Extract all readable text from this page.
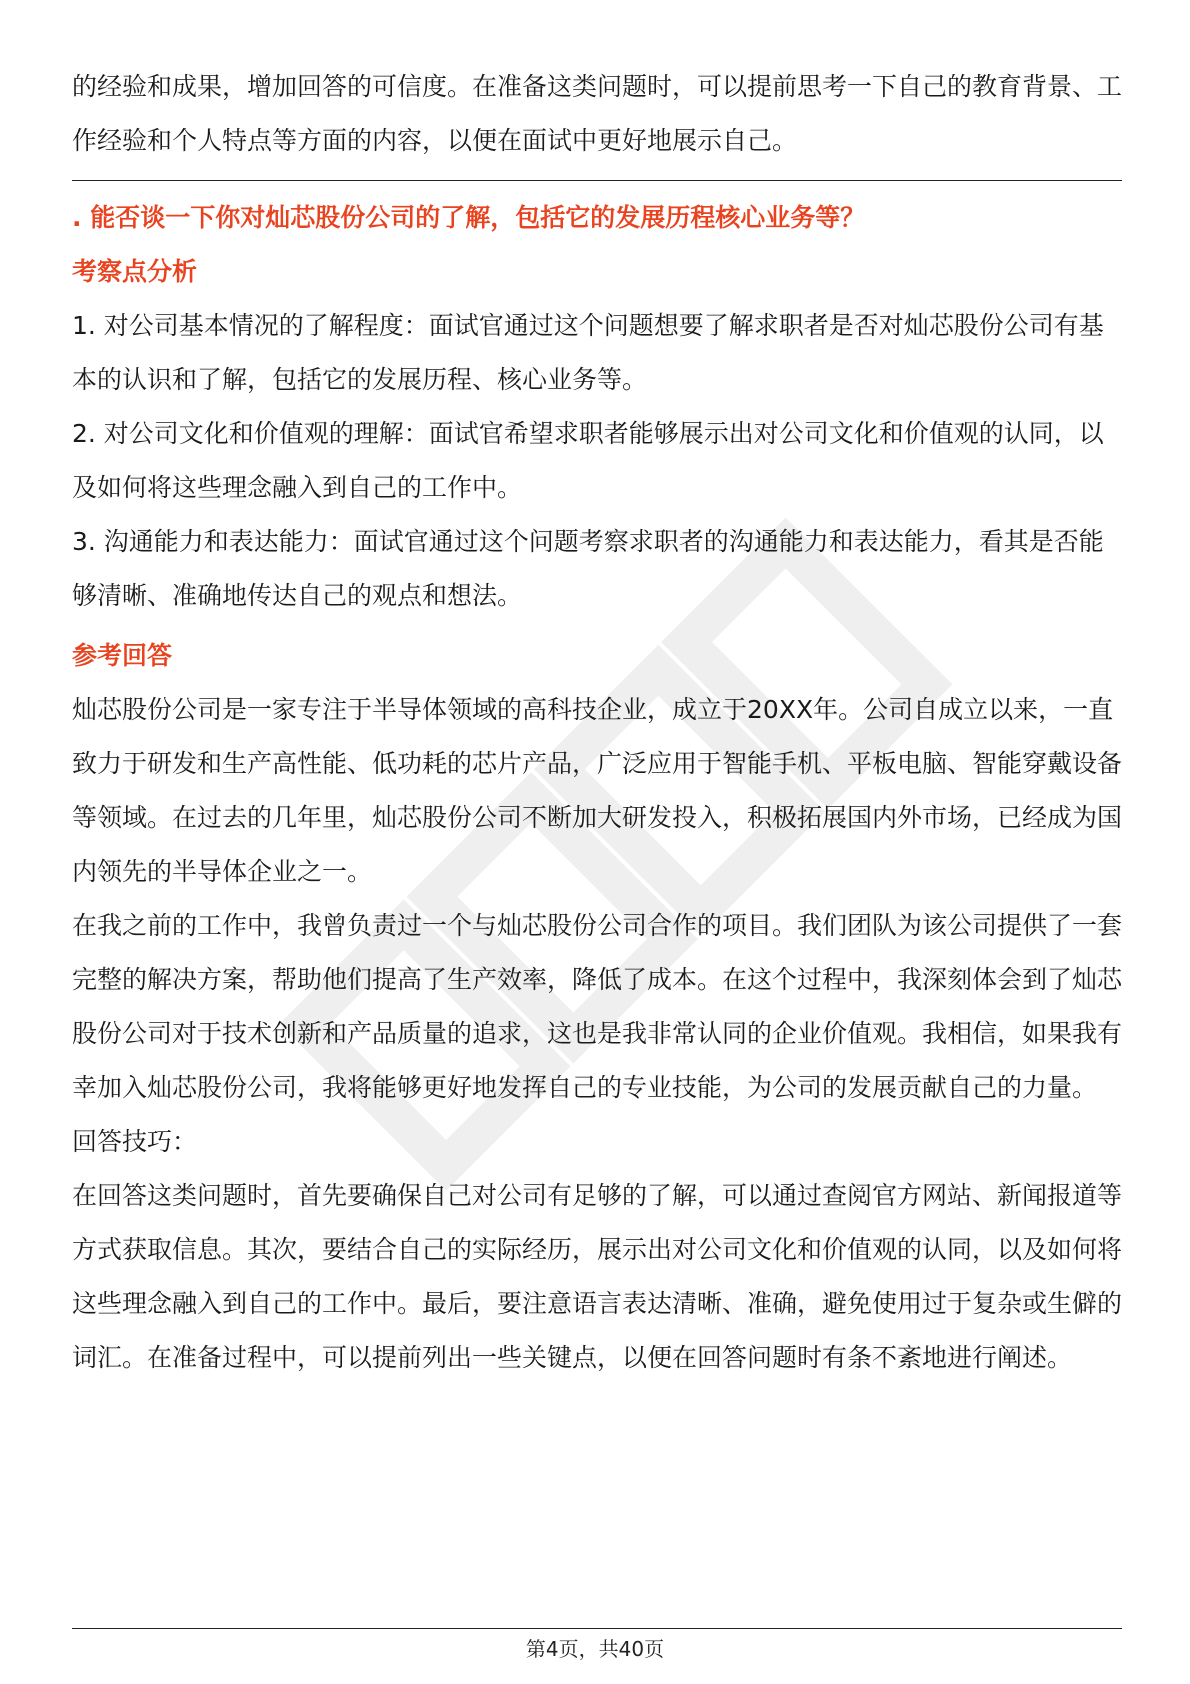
的经验和成果，增加回答的可信度。在准备这类问题时，可以提前思考一下自己的教育背景、工作经验和个人特点等方面的内容，以便在面试中更好地展示自己。

. 能否谈一下你对灿芯股份公司的了解，包括它的发展历程核心业务等？

考察点分析

1. 对公司基本情况的了解程度：面试官通过这个问题想要了解求职者是否对灿芯股份公司有基本的认识和了解，包括它的发展历程、核心业务等。

2. 对公司文化和价值观的理解：面试官希望求职者能够展示出对公司文化和价值观的认同，以及如何将这些理念融入到自己的工作中。

3. 沟通能力和表达能力：面试官通过这个问题考察求职者的沟通能力和表达能力，看其是否能够清晰、准确地传达自己的观点和想法。

参考回答

灿芯股份公司是一家专注于半导体领域的高科技企业，成立于20XX年。公司自成立以来，一直致力于研发和生产高性能、低功耗的芯片产品，广泛应用于智能手机、平板电脑、智能穿戴设备等领域。在过去的几年里，灿芯股份公司不断加大研发投入，积极拓展国内外市场，已经成为国内领先的半导体企业之一。

在我之前的工作中，我曾负责过一个与灿芯股份公司合作的项目。我们团队为该公司提供了一套完整的解决方案，帮助他们提高了生产效率，降低了成本。在这个过程中，我深刻体会到了灿芯股份公司对于技术创新和产品质量的追求，这也是我非常认同的企业价值观。我相信，如果我有幸加入灿芯股份公司，我将能够更好地发挥自己的专业技能，为公司的发展贡献自己的力量。

回答技巧：

在回答这类问题时，首先要确保自己对公司有足够的了解，可以通过查阅官方网站、新闻报道等方式获取信息。其次，要结合自己的实际经历，展示出对公司文化和价值观的认同，以及如何将这些理念融入到自己的工作中。最后，要注意语言表达清晰、准确，避免使用过于复杂或生僻的词汇。在准备过程中，可以提前列出一些关键点，以便在回答问题时有条不紊地进行阐述。

第4页，共40页
